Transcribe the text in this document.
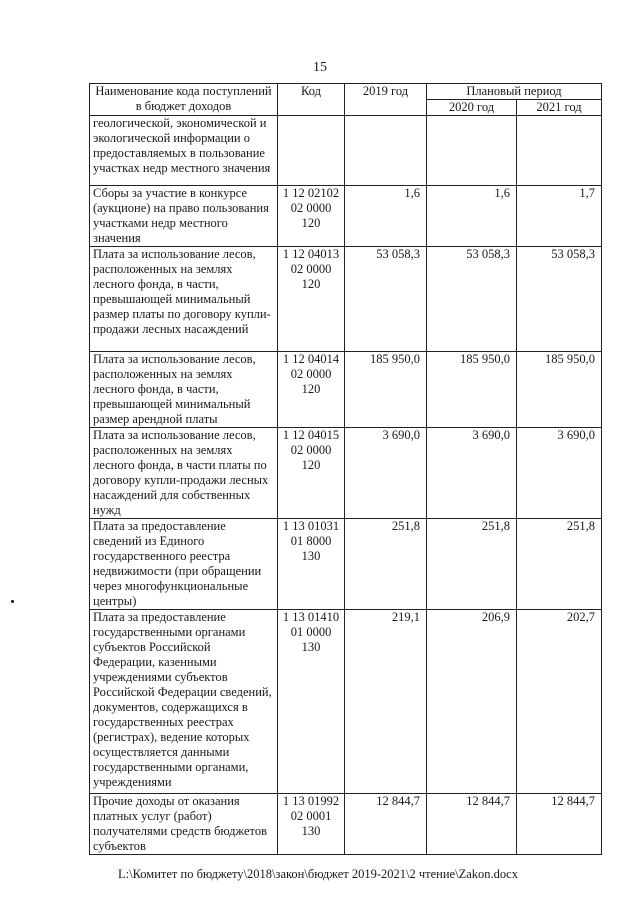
15
Наименование кода поступлений в бюджет доходов	Код	2019 год	Плановый период	
			2020 год	2021 год
геологической, экономической и экологической информации о предоставляемых в пользование участках недр местного значения				
Сборы за участие в конкурсе (аукционе) на право пользования участками недр местного значения	1 12 02102 02 0000 120	1,6	1,6	1,7
Плата за использование лесов, расположенных на землях лесного фонда, в части, превышающей минимальный размер платы по договору купли-продажи лесных насаждений	1 12 04013 02 0000 120	53 058,3	53 058,3	53 058,3
Плата за использование лесов, расположенных на землях лесного фонда, в части, превышающей минимальный размер арендной платы	1 12 04014 02 0000 120	185 950,0	185 950,0	185 950,0
Плата за использование лесов, расположенных на землях лесного фонда, в части платы по договору купли-продажи лесных насаждений для собственных нужд	1 12 04015 02 0000 120	3 690,0	3 690,0	3 690,0
Плата за предоставление сведений из Единого государственного реестра недвижимости (при обращении через многофункциональные центры)	1 13 01031 01 8000 130	251,8	251,8	251,8
Плата за предоставление государственными органами субъектов Российской Федерации, казенными учреждениями субъектов Российской Федерации сведений, документов, содержащихся в государственных реестрах (регистрах), ведение которых осуществляется данными государственными органами, учреждениями	1 13 01410 01 0000 130	219,1	206,9	202,7
Прочие доходы от оказания платных услуг (работ) получателями средств бюджетов субъектов	1 13 01992 02 0001 130	12 844,7	12 844,7	12 844,7
L:\Комитет по бюджету\2018\закон\бюджет 2019-2021\2 чтение\Zakon.docx
